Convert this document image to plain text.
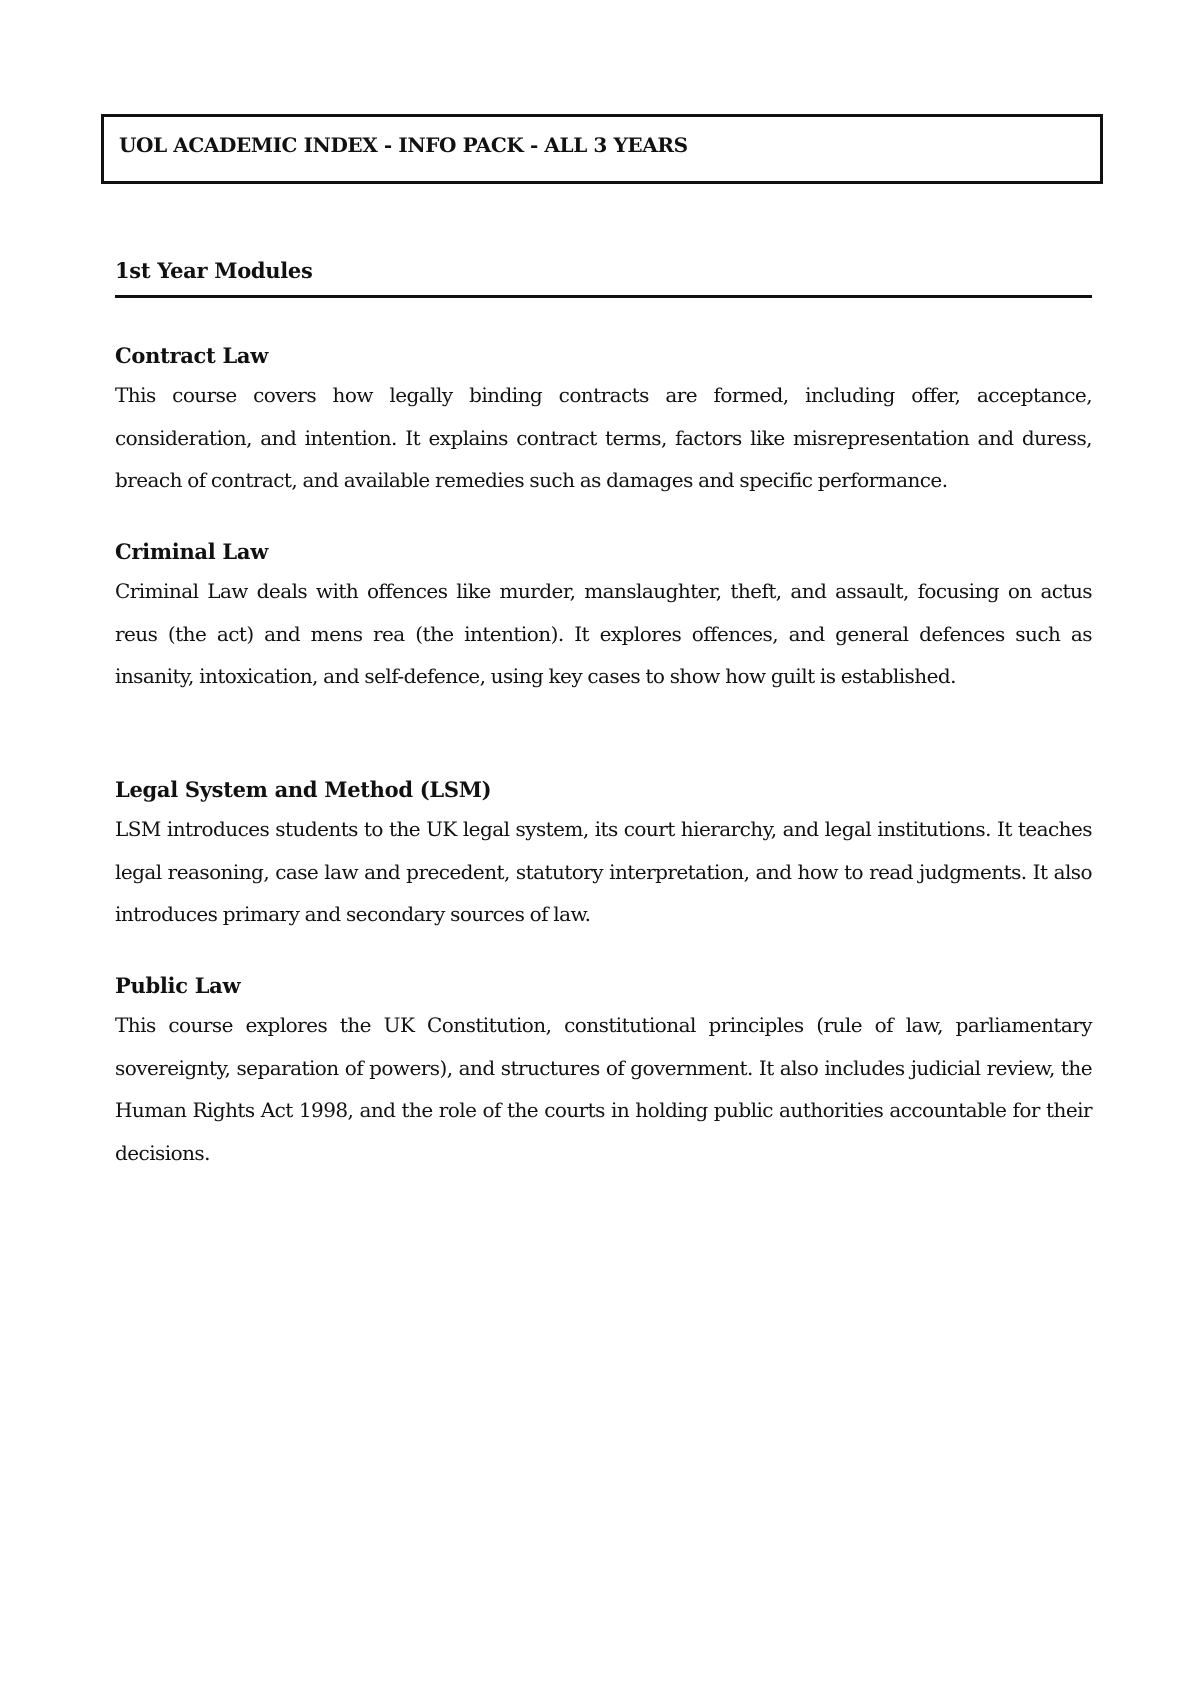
UOL ACADEMIC INDEX - INFO PACK - ALL 3 YEARS
1st Year Modules
Contract Law

This course covers how legally binding contracts are formed, including offer, acceptance, consideration, and intention. It explains contract terms, factors like misrepresentation and duress, breach of contract, and available remedies such as damages and specific performance.

Criminal Law

Criminal Law deals with offences like murder, manslaughter, theft, and assault, focusing on actus reus (the act) and mens rea (the intention). It explores offences, and general defences such as insanity, intoxication, and self-defence, using key cases to show how guilt is established.

Legal System and Method (LSM)

LSM introduces students to the UK legal system, its court hierarchy, and legal institutions. It teaches legal reasoning, case law and precedent, statutory interpretation, and how to read judgments. It also introduces primary and secondary sources of law.

Public Law

This course explores the UK Constitution, constitutional principles (rule of law, parliamentary sovereignty, separation of powers), and structures of government. It also includes judicial review, the Human Rights Act 1998, and the role of the courts in holding public authorities accountable for their decisions.
